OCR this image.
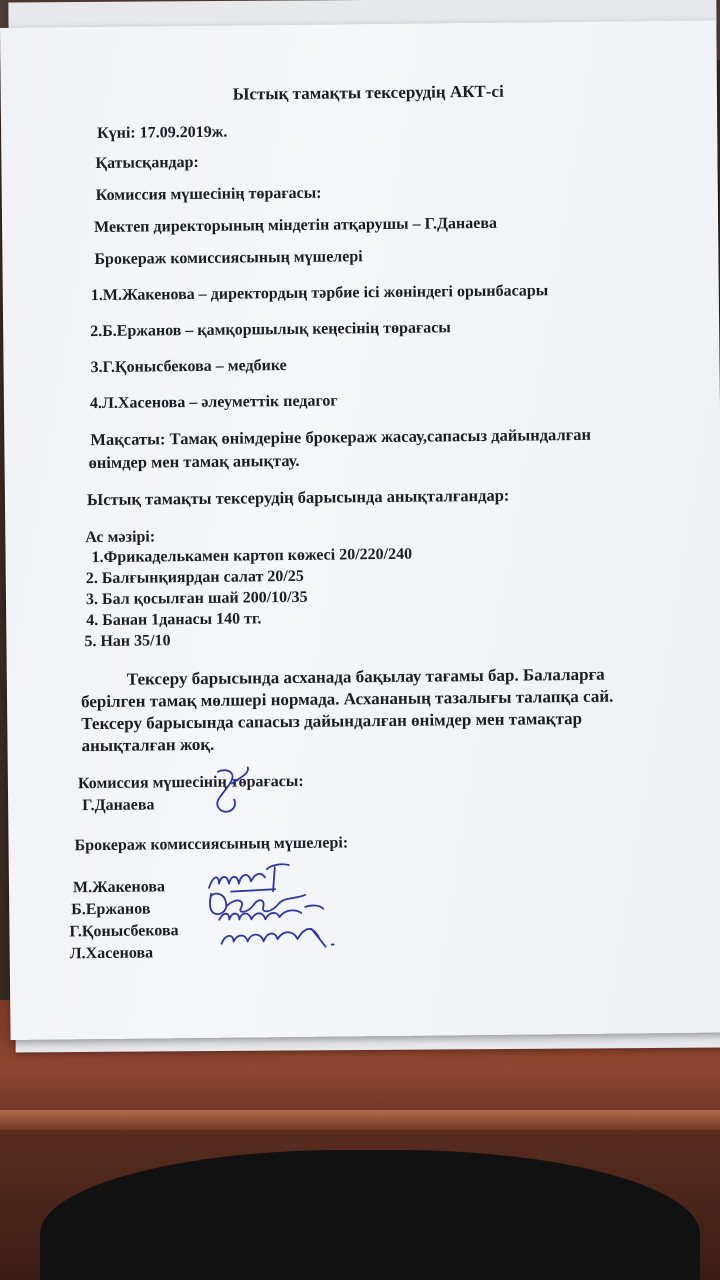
Ыстық тамақты тексерудің АКТ-сі
Күні: 17.09.2019ж.
Қатысқандар:
Комиссия мүшесінің төрағасы:
Мектеп директорының міндетін атқарушы – Г.Данаева
Брокераж комиссиясының мүшелері
1.М.Жакенова – директордың тәрбие ісі жөніндегі орынбасары
2.Б.Ержанов – қамқоршылық кеңесінің төрағасы
3.Г.Қонысбекова – медбике
4.Л.Хасенова – әлеуметтік педагог
Мақсаты: Тамақ өнімдеріне брокераж жасау,сапасыз дайындалған
өнімдер мен тамақ анықтау.
Ыстық тамақты тексерудің барысында анықталғандар:
Ас мәзірі:
1.Фрикаделькамен картоп көжесі 20/220/240
2. Балғынқиярдан салат 20/25
3. Бал қосылған шай 200/10/35
4. Банан 1данасы 140 тг.
5. Нан 35/10
Тексеру барысында асханада бақылау тағамы бар. Балаларға
берілген тамақ мөлшері нормада. Асхананың тазалығы талапқа сай.
Тексеру барысында сапасыз дайындалған өнімдер мен тамақтар
анықталған жоқ.
Комиссия мүшесінің төрағасы:
Г.Данаева
Брокераж комиссиясының мүшелері:
М.Жакенова
Б.Ержанов
Г.Қонысбекова
Л.Хасенова
